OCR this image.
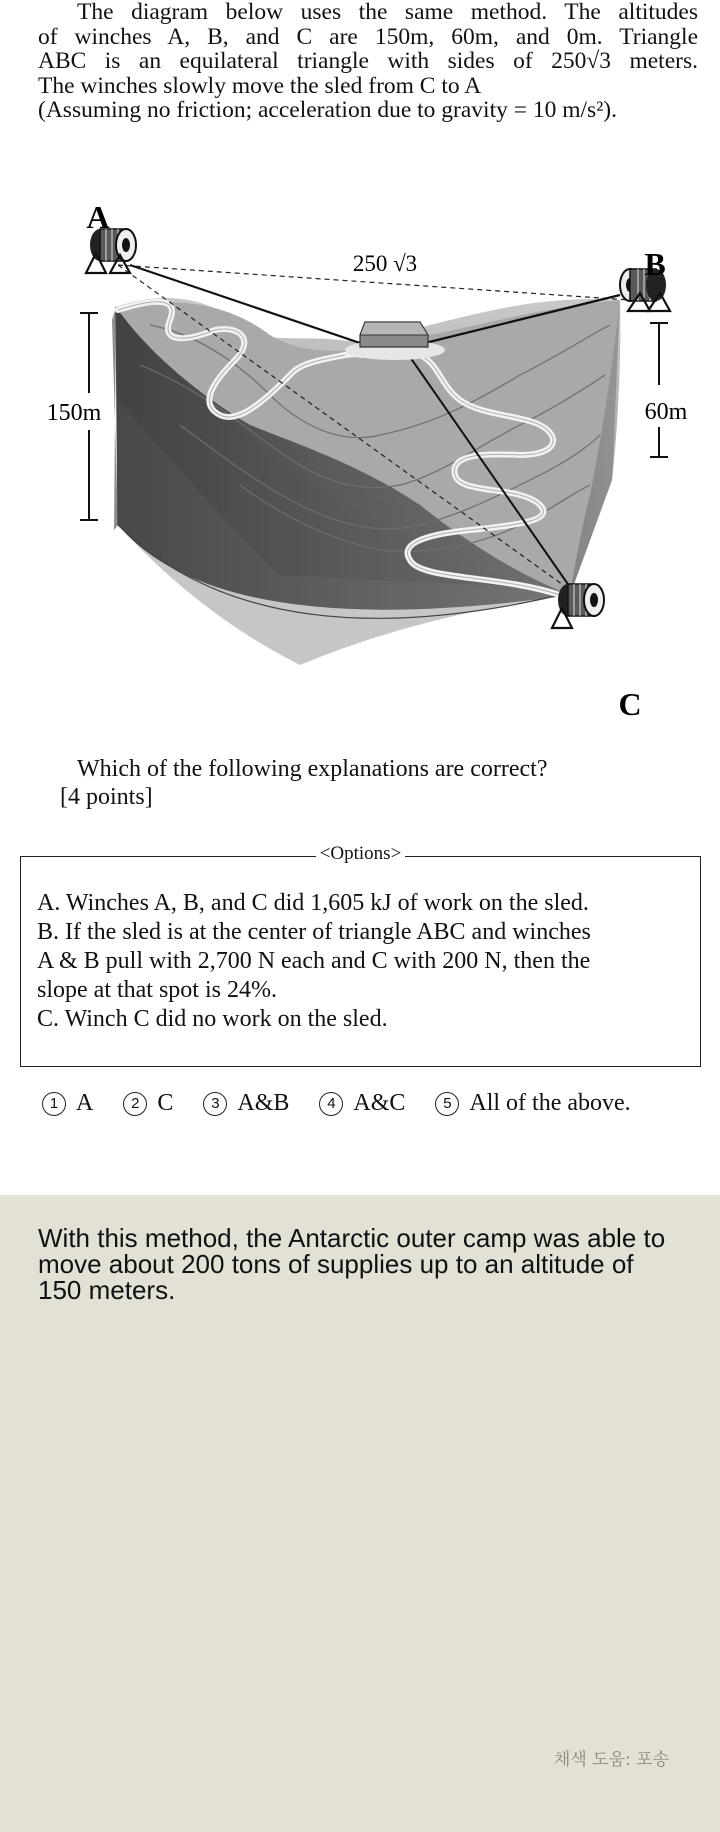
The diagram below uses the same method. The altitudes

of winches A, B, and C are 150m, 60m, and 0m. Triangle

ABC is an equilateral triangle with sides of 250√3 meters.

The winches slowly move the sled from C to A

(Assuming no friction; acceleration due to gravity = 10 m/s²).

250 √3
A
B
C
150m	60m
Which of the following explanations are correct?
[4 points]
<Options>
A. Winches A, B, and C did 1,605 kJ of work on the sled.
B. If the sled is at the center of triangle ABC and winches
A & B pull with 2,700 N each and C with 200 N, then the
slope at that spot is 24%.
C. Winch C did no work on the sled.
1 A	2 C	3 A&B	4 A&C	5 All of the above.
With this method, the Antarctic outer camp was able to move about 200 tons of supplies up to an altitude of 150 meters.
채색 도움: 포송
